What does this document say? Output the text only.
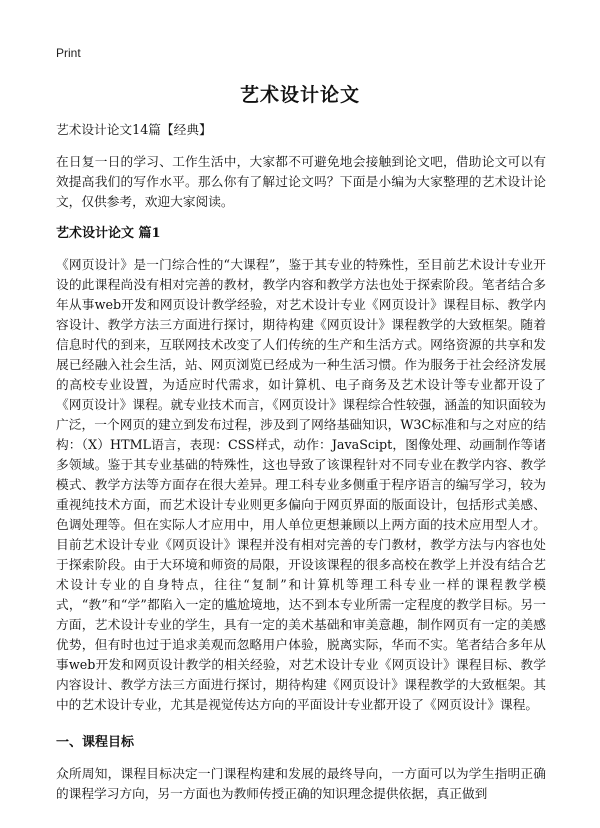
Print
艺术设计论文

艺术设计论文14篇【经典】

在日复一日的学习、工作生活中，大家都不可避免地会接触到论文吧，借助论文可以有效提高我们的写作水平。那么你有了解过论文吗？下面是小编为大家整理的艺术设计论文，仅供参考，欢迎大家阅读。

艺术设计论文 篇1

《网页设计》是一门综合性的“大课程”，鉴于其专业的特殊性，至目前艺术设计专业开设的此课程尚没有相对完善的教材，教学内容和教学方法也处于探索阶段。笔者结合多年从事web开发和网页设计教学经验，对艺术设计专业《网页设计》课程目标、教学内容设计、教学方法三方面进行探讨，期待构建《网页设计》课程教学的大致框架。随着信息时代的到来，互联网技术改变了人们传统的生产和生活方式。网络资源的共享和发展已经融入社会生活，站、网页浏览已经成为一种生活习惯。作为服务于社会经济发展的高校专业设置，为适应时代需求，如计算机、电子商务及艺术设计等专业都开设了《网页设计》课程。就专业技术而言，《网页设计》课程综合性较强，涵盖的知识面较为广泛，一个网页的建立到发布过程，涉及到了网络基础知识，W3C标准和与之对应的结构：（X）HTML语言，表现：CSS样式，动作：JavaScipt，图像处理、动画制作等诸多领域。鉴于其专业基础的特殊性，这也导致了该课程针对不同专业在教学内容、教学模式、教学方法等方面存在很大差异。理工科专业多侧重于程序语言的编写学习，较为重视纯技术方面，而艺术设计专业则更多偏向于网页界面的版面设计，包括形式美感、色调处理等。但在实际人才应用中，用人单位更想兼顾以上两方面的技术应用型人才。目前艺术设计专业《网页设计》课程并没有相对完善的专门教材，教学方法与内容也处于探索阶段。由于大环境和师资的局限，开设该课程的很多高校在教学上并没有结合艺术设计专业的自身特点，往往“复制”和计算机等理工科专业一样的课程教学模式，“教”和“学”都陷入一定的尴尬境地，达不到本专业所需一定程度的教学目标。另一方面，艺术设计专业的学生，具有一定的美术基础和审美意趣，制作网页有一定的美感优势，但有时也过于追求美观而忽略用户体验，脱离实际，华而不实。笔者结合多年从事web开发和网页设计教学的相关经验，对艺术设计专业《网页设计》课程目标、教学内容设计、教学方法三方面进行探讨，期待构建《网页设计》课程教学的大致框架。其中的艺术设计专业，尤其是视觉传达方向的平面设计专业都开设了《网页设计》课程。

一、课程目标

众所周知，课程目标决定一门课程构建和发展的最终导向，一方面可以为学生指明正确的课程学习方向，另一方面也为教师传授正确的知识理念提供依据，真正做到
